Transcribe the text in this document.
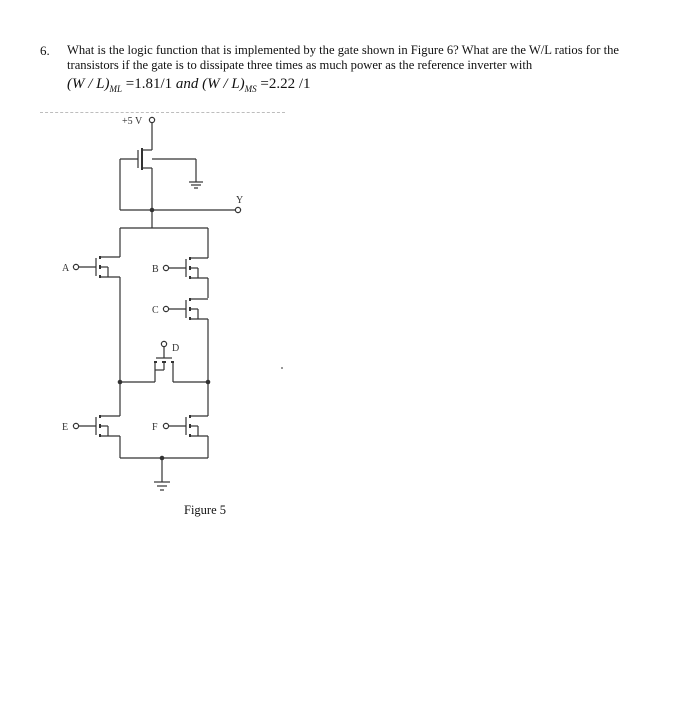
6. What is the logic function that is implemented by the gate shown in Figure 6? What are the W/L ratios for the transistors if the gate is to dissipate three times as much power as the reference inverter with
$(W / L)_{ML} =1.81/1$ and $(W / L)_{MS} =2.22$ /1
+5 V
Y
A	B
C
D
E	F
Figure 5
